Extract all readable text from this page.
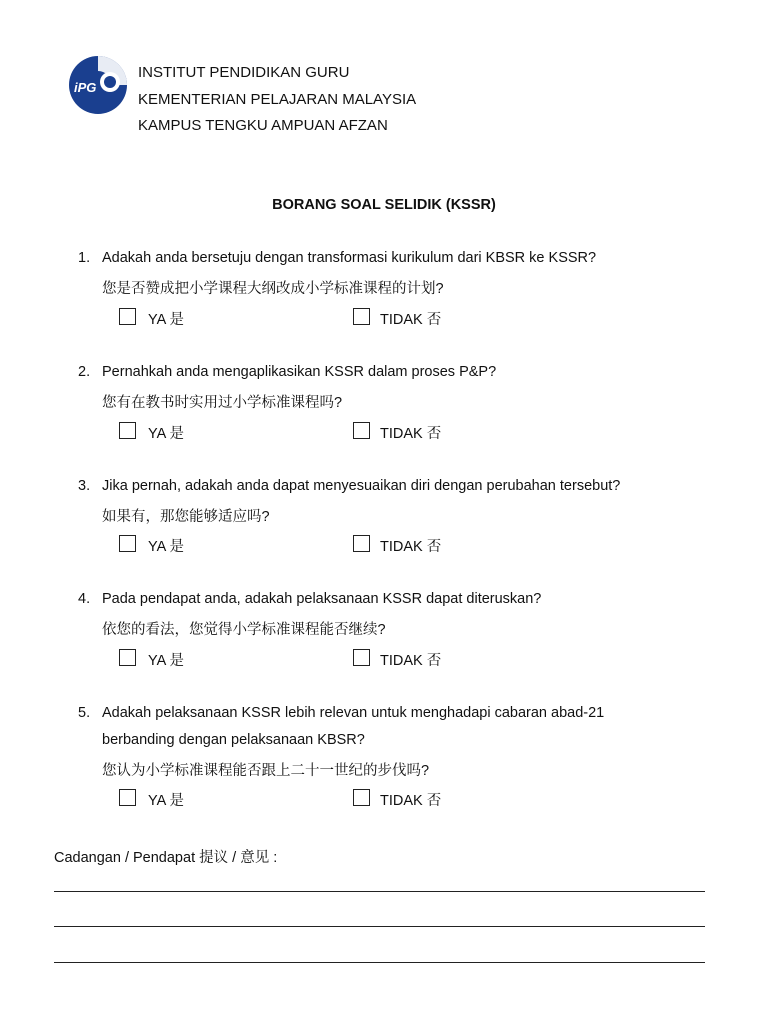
iPG
INSTITUT PENDIDIKAN GURU
KEMENTERIAN PELAJARAN MALAYSIA
KAMPUS TENGKU AMPUAN AFZAN
BORANG SOAL SELIDIK (KSSR)
1. Adakah anda bersetuju dengan transformasi kurikulum dari KBSR ke KSSR?
您是否赞成把小学课程大纲改成小学标准课程的计划?
YA 是	TIDAK 否
2. Pernahkah anda mengaplikasikan KSSR dalam proses P&P?
您有在教书时实用过小学标准课程吗?
YA 是	TIDAK 否
3. Jika pernah, adakah anda dapat menyesuaikan diri dengan perubahan tersebut?
如果有，那您能够适应吗?
YA 是	TIDAK 否
4. Pada pendapat anda, adakah pelaksanaan KSSR dapat diteruskan?
依您的看法，您觉得小学标准课程能否继续?
YA 是	TIDAK 否
5. Adakah pelaksanaan KSSR lebih relevan untuk menghadapi cabaran abad-21
berbanding dengan pelaksanaan KBSR?
您认为小学标准课程能否跟上二十一世纪的步伐吗?
YA 是	TIDAK 否
Cadangan / Pendapat 提议 / 意见 :
